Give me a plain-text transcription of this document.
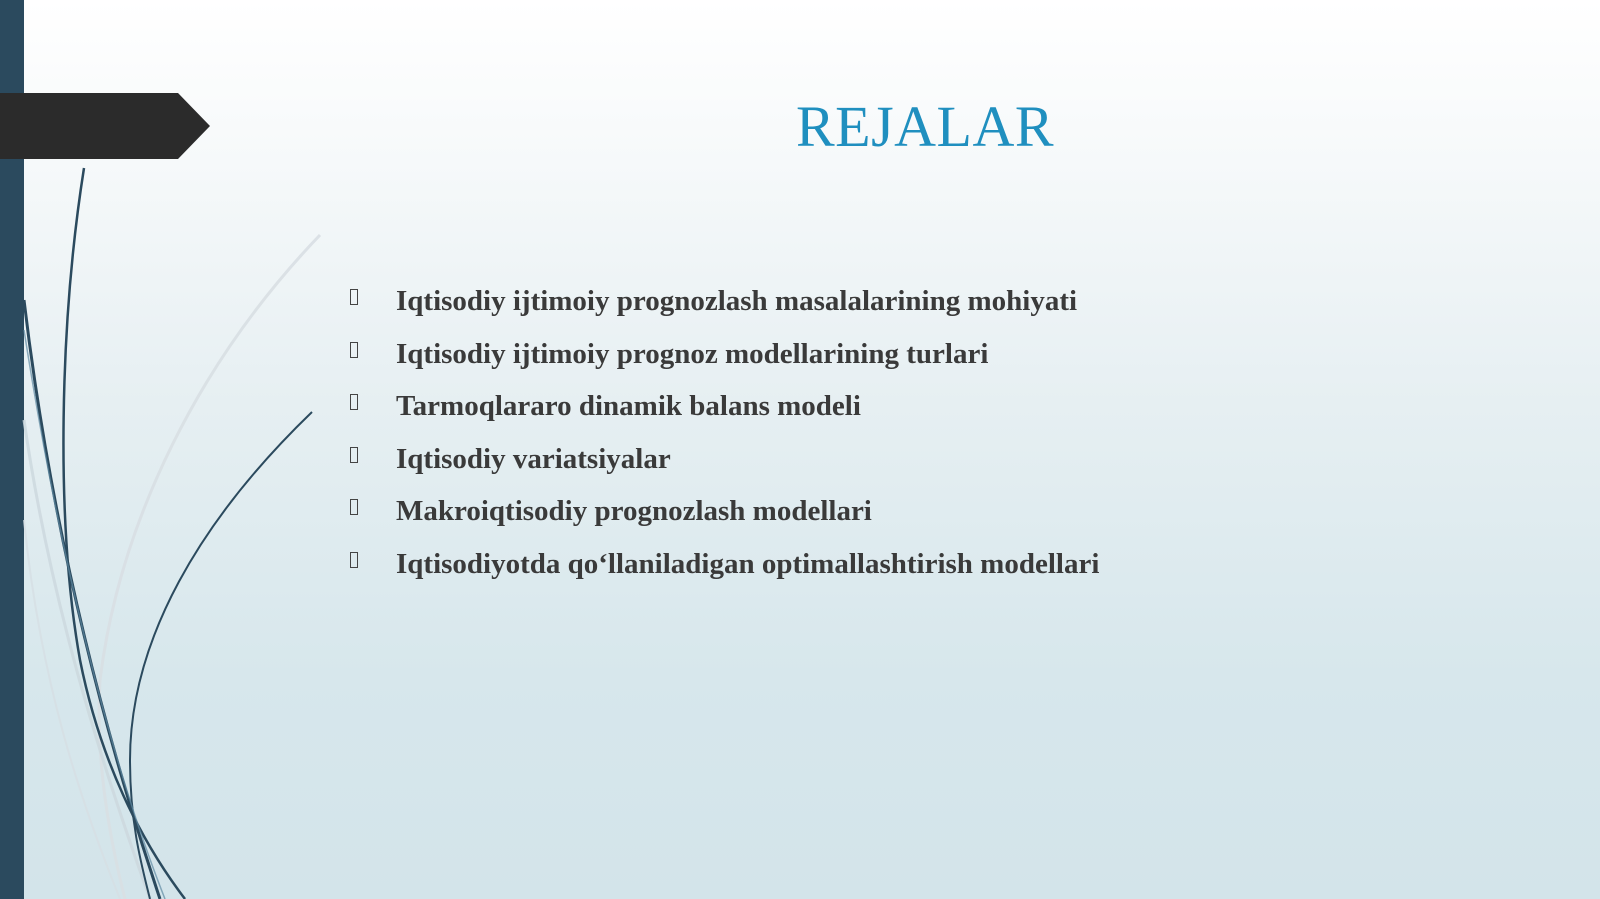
REJALAR
Iqtisodiy ijtimoiy prognozlash masalalarining mohiyati
Iqtisodiy ijtimoiy prognoz modellarining turlari
Tarmoqlararo dinamik balans modeli
Iqtisodiy variatsiyalar
Makroiqtisodiy prognozlash modellari
Iqtisodiyotda qo‘llaniladigan optimallashtirish modellari
